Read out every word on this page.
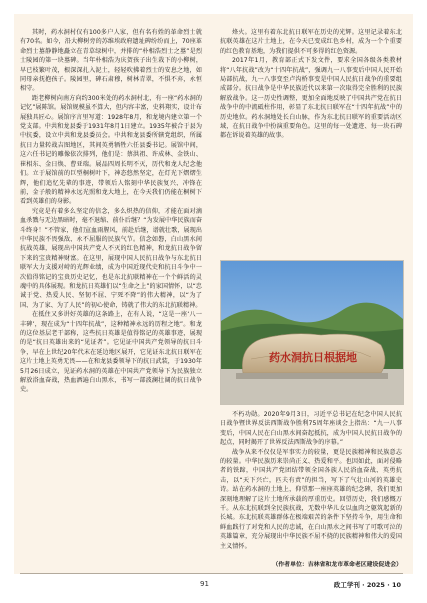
其时，药水洞村仅有100多户人家，但有名有姓的革命烈士就有70名。如今，沿大柳树旁的苏维埃政府遗址碑纷纷而上，70座革命烈士墓静静地矗立在青草绿树中，并排的“朴相浩烈士之墓”是烈士陵园的第一块墓碑。当年朴相浩为庆贺孩子出生栽下的小柳树，早已枝繁叶茂，根深深扎入泥土，轻轻吹拂着烈士的安息之地，如同母亲抚抱孩子。陵园里，碑石肃穆，树林青翠，不惧不弃，永恒相守。

距老柳树向南方向约300米处的药水洞村北，有一座“药水洞的记忆”展陈馆。展馆规模虽不算大，但内容丰富，史料翔实，设计布展独具匠心。展馆序言里写道：1928年8月，和龙境内建立第一个党支部。中共和龙县委于1931年8月1日建立。1935年被合于县为中抗委，设立中共和龙县委员会。中共和龙县委所辖党组织，所属抗日力量转战吉图地区，其间英勇牺牲六任县委书记。展馆中间，这六任书记的雕像依次排列，他们是：蔡洪祖、许成林、金铁山、崔相东、金日焕、曹亚瑞。展品四周长明不灭，历代和龙人纪念他们。立于展馆前的巨型桐树叶下，神态悠然坚定，在灯光下熠熠生辉，他们追忆先辈的事迹，带领后人铭刻中华民族复兴、冲锋在前，金子般的精神永远光照和龙大地上，在今天我们仍能在桐树下看到英雄们的身影。

究竟是有着多么坚定的信念，多么炽热的信仰，才能在面对滴血杀戮与无边黑暗时，毫不退缩、前仆后继？“为发展中华民族而奋斗终身！”不管家，他们宣血雨腥风，前赴后继，谱就壮歌，展现出中华民族不畏强敌、永不屈服的民族气节。信念如磐，白山黑水间抗战英雄，展现出中国共产党人不灭的红色精神，和龙抗日战争留下来的宝贵精神财富。在这里，展现中国人民抗日战争与东北抗日联军大力支援对峙的光辉业绩，成为中国近现代史和抗日斗争中一次值得铭记的宝贵历史记忆，也是东北抗联精神在一个个鲜活的灵魂中的具体展现。和龙抗日英雄们以“生命之上”的家国情怀，以“忠诚于党、热爱人民、坚韧不屈、宁死不降”的伟大精神，以“为了国、为了家、为了人民”的初心使命，铸就了伟大的东北抗联精神。

在抵住又多讲好英雄的这条路上，在有人说，“这是一座‘八一丰碑’，现在成为“十四年抗战”，这种精神永远的历程之地”。和龙的这位基层老干部称，这些抗日英雄是值得铭记的英雄事迹，展现的是“抗日英雄出来的“见证者”。它见证中国共产党领导的抗日斗争，早在上世纪20年代末在延边地区展开，它见证东北抗日联军在这片土地上英勇无畏——在和龙县委领导下的抗日武装，于1930年5月26日成立，见证药水洞的英雄在中国共产党领导下为民族独立解放浴血奋战，热血洒遍白山黑水，书写一部波澜壮阔的抗日战争史。

烽火。这里有着东北抗日联军在历史的光辉。这里记录着东北抗联英雄在这片土地上，在今天已变成红色乡村，成为一个个重要的红色教育基地，为我们提供不可多得的红色资源。

2017年1月，教育部正式下发文件，要求全国各级各类教材将“八年抗战”改为“十四年抗战”，强调九一八事变后中国人民开始局部抗战，九一八事变至卢沟桥事变是中国人民抗日战争的重要组成部分。抗日战争是中华民族近代以来第一次取得完全胜利的民族解放战争。这一历史性调整，更加全面地反映了中国共产党在抗日战争中的中流砥柱作用，彰显了东北抗日联军在“十四年抗战”中的历史地位。药水洞地处长白山脉，作为东北抗日联军的重要活动区域，在抗日战争中扮演重要角色。这里的每一处遗迹、每一块石碑都在诉说着英雄的故事。

药水洞抗日根据地

不朽功勋。2020年9月3日，习近平总书记在纪念中国人民抗日战争暨世界反法西斯战争胜利75周年座谈会上指出：“九一八事变后，中国人民在白山黑水间奋起抵抗，成为中国人民抗日战争的起点，同时揭开了世界反法西斯战争的序幕。”

战争从来不仅仅是军事实力的较量，更是民族精神和民族意志的较量。中华民族历来崇尚正义、热爱和平。也因如此，面对侵略者的铁蹄，中国共产党团结带领全国各族人民浴血奋战、英勇抗击，以“天下兴亡，匹夫有责”的担当，写下了气壮山河的英雄史诗。站在药水洞的土地上，仰望那一座座英雄的纪念碑，我们更加深刻地理解了这片土地所承载的厚重历史。回望历史，我们感慨万千。从东北抗联到全民族抗战，无数中华儿女以血肉之躯筑起新的长城。东北抗联英雄群体在极端艰苦的条件下坚持斗争，用生命和鲜血践行了对党和人民的忠诚，在白山黑水之间书写了可歌可泣的英雄篇章，充分展现出中华民族不屈不挠的民族精神和伟大的爱国主义情怀。

（作者单位：吉林省和龙市革命老区建设促进会）
91	政工学刊 · 2025 · 10
